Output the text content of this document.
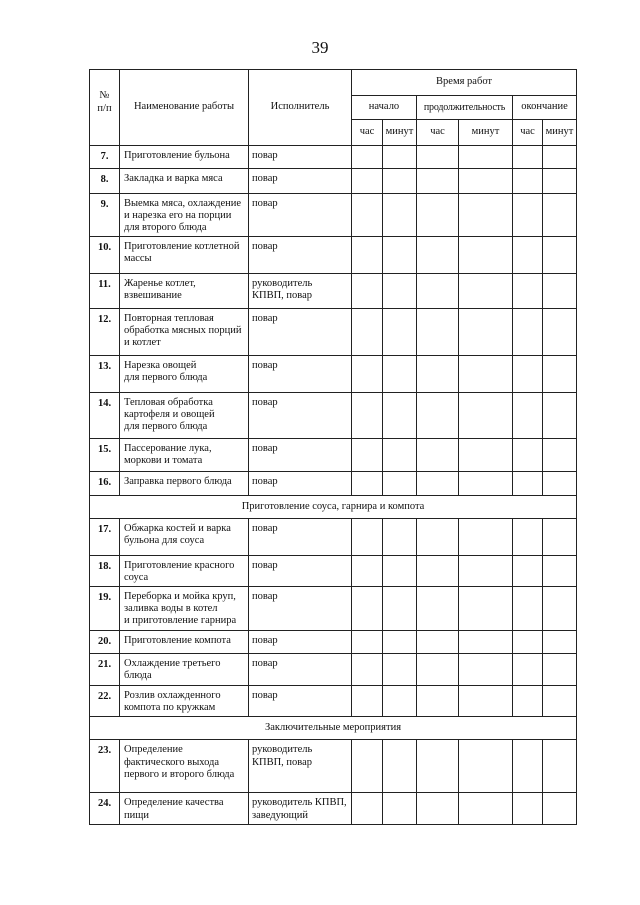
39
№
п/п	Наименование работы	Исполнитель	Время работ					
			начало		продолжительность		окончание	
			час	минут	час	минут	час	минут
7.	Приготовление бульона	повар						
8.	Закладка и варка мяса	повар						
9.	Выемка мяса, охлаждение
и нарезка его на порции
для второго блюда	повар						
10.	Приготовление котлетной
массы	повар						
11.	Жаренье котлет,
взвешивание	руководитель
КПВП, повар						
12.	Повторная тепловая
обработка мясных порций
и котлет	повар						
13.	Нарезка овощей
для первого блюда	повар						
14.	Тепловая обработка
картофеля и овощей
для первого блюда	повар						
15.	Пассерование лука,
моркови и томата	повар						
16.	Заправка первого блюда	повар						
Приготовление соуса, гарнира и компота								
17.	Обжарка костей и варка
бульона для соуса	повар						
18.	Приготовление красного
соуса	повар						
19.	Переборка и мойка круп,
заливка воды в котел
и приготовление гарнира	повар						
20.	Приготовление компота	повар						
21.	Охлаждение третьего
блюда	повар						
22.	Розлив охлажденного
компота по кружкам	повар						
Заключительные мероприятия								
23.	Определение
фактического выхода
первого и второго блюда	руководитель
КПВП, повар						
24.	Определение качества
пищи	руководитель КПВП,
заведующий						
